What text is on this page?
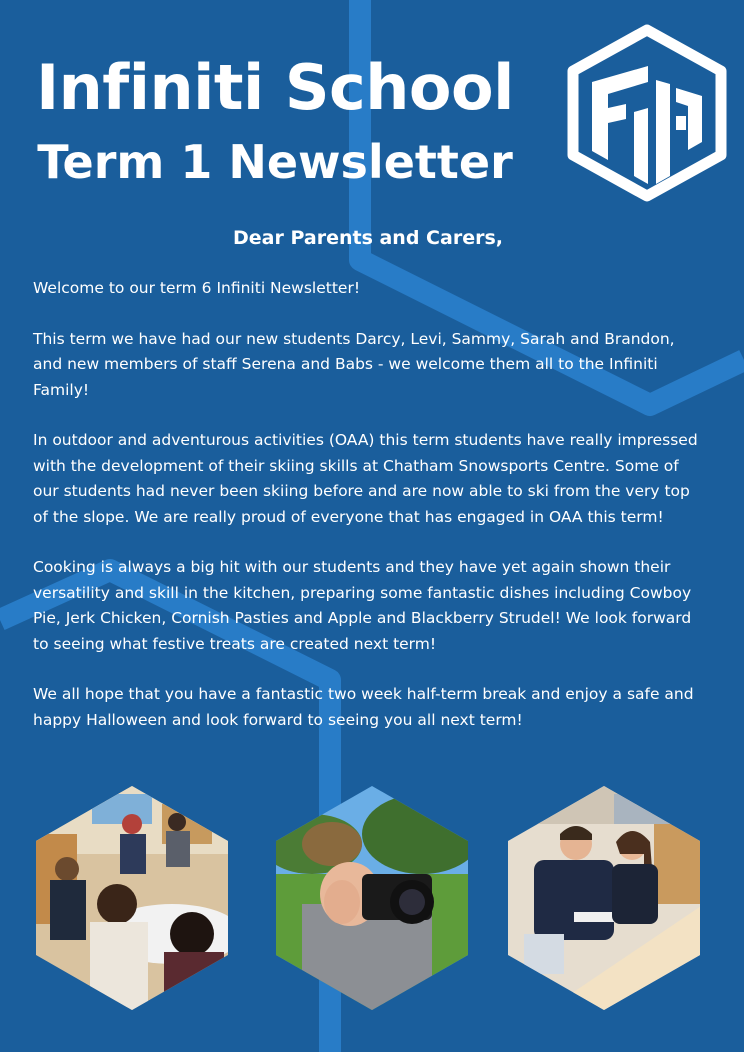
Infiniti School
Term 1 Newsletter
Dear Parents and Carers,

Welcome to our term 6 Infiniti Newsletter!

This term we have had our new students Darcy, Levi, Sammy, Sarah and Brandon, and new members of staff Serena and Babs - we welcome them all to the Infiniti Family!

In outdoor and adventurous activities (OAA) this term students have really impressed with the development of their skiing skills at Chatham Snowsports Centre. Some of our students had never been skiing before and are now able to ski from the very top of the slope. We are really proud of everyone that has engaged in OAA this term!

Cooking is always a big hit with our students and they have yet again shown their versatility and skill in the kitchen, preparing some fantastic dishes including Cowboy Pie, Jerk Chicken, Cornish Pasties and Apple and Blackberry Strudel! We look forward to seeing what festive treats are created next term!

We all hope that you have a fantastic two week half-term break and enjoy a safe and happy Halloween and look forward to seeing you all next term!
